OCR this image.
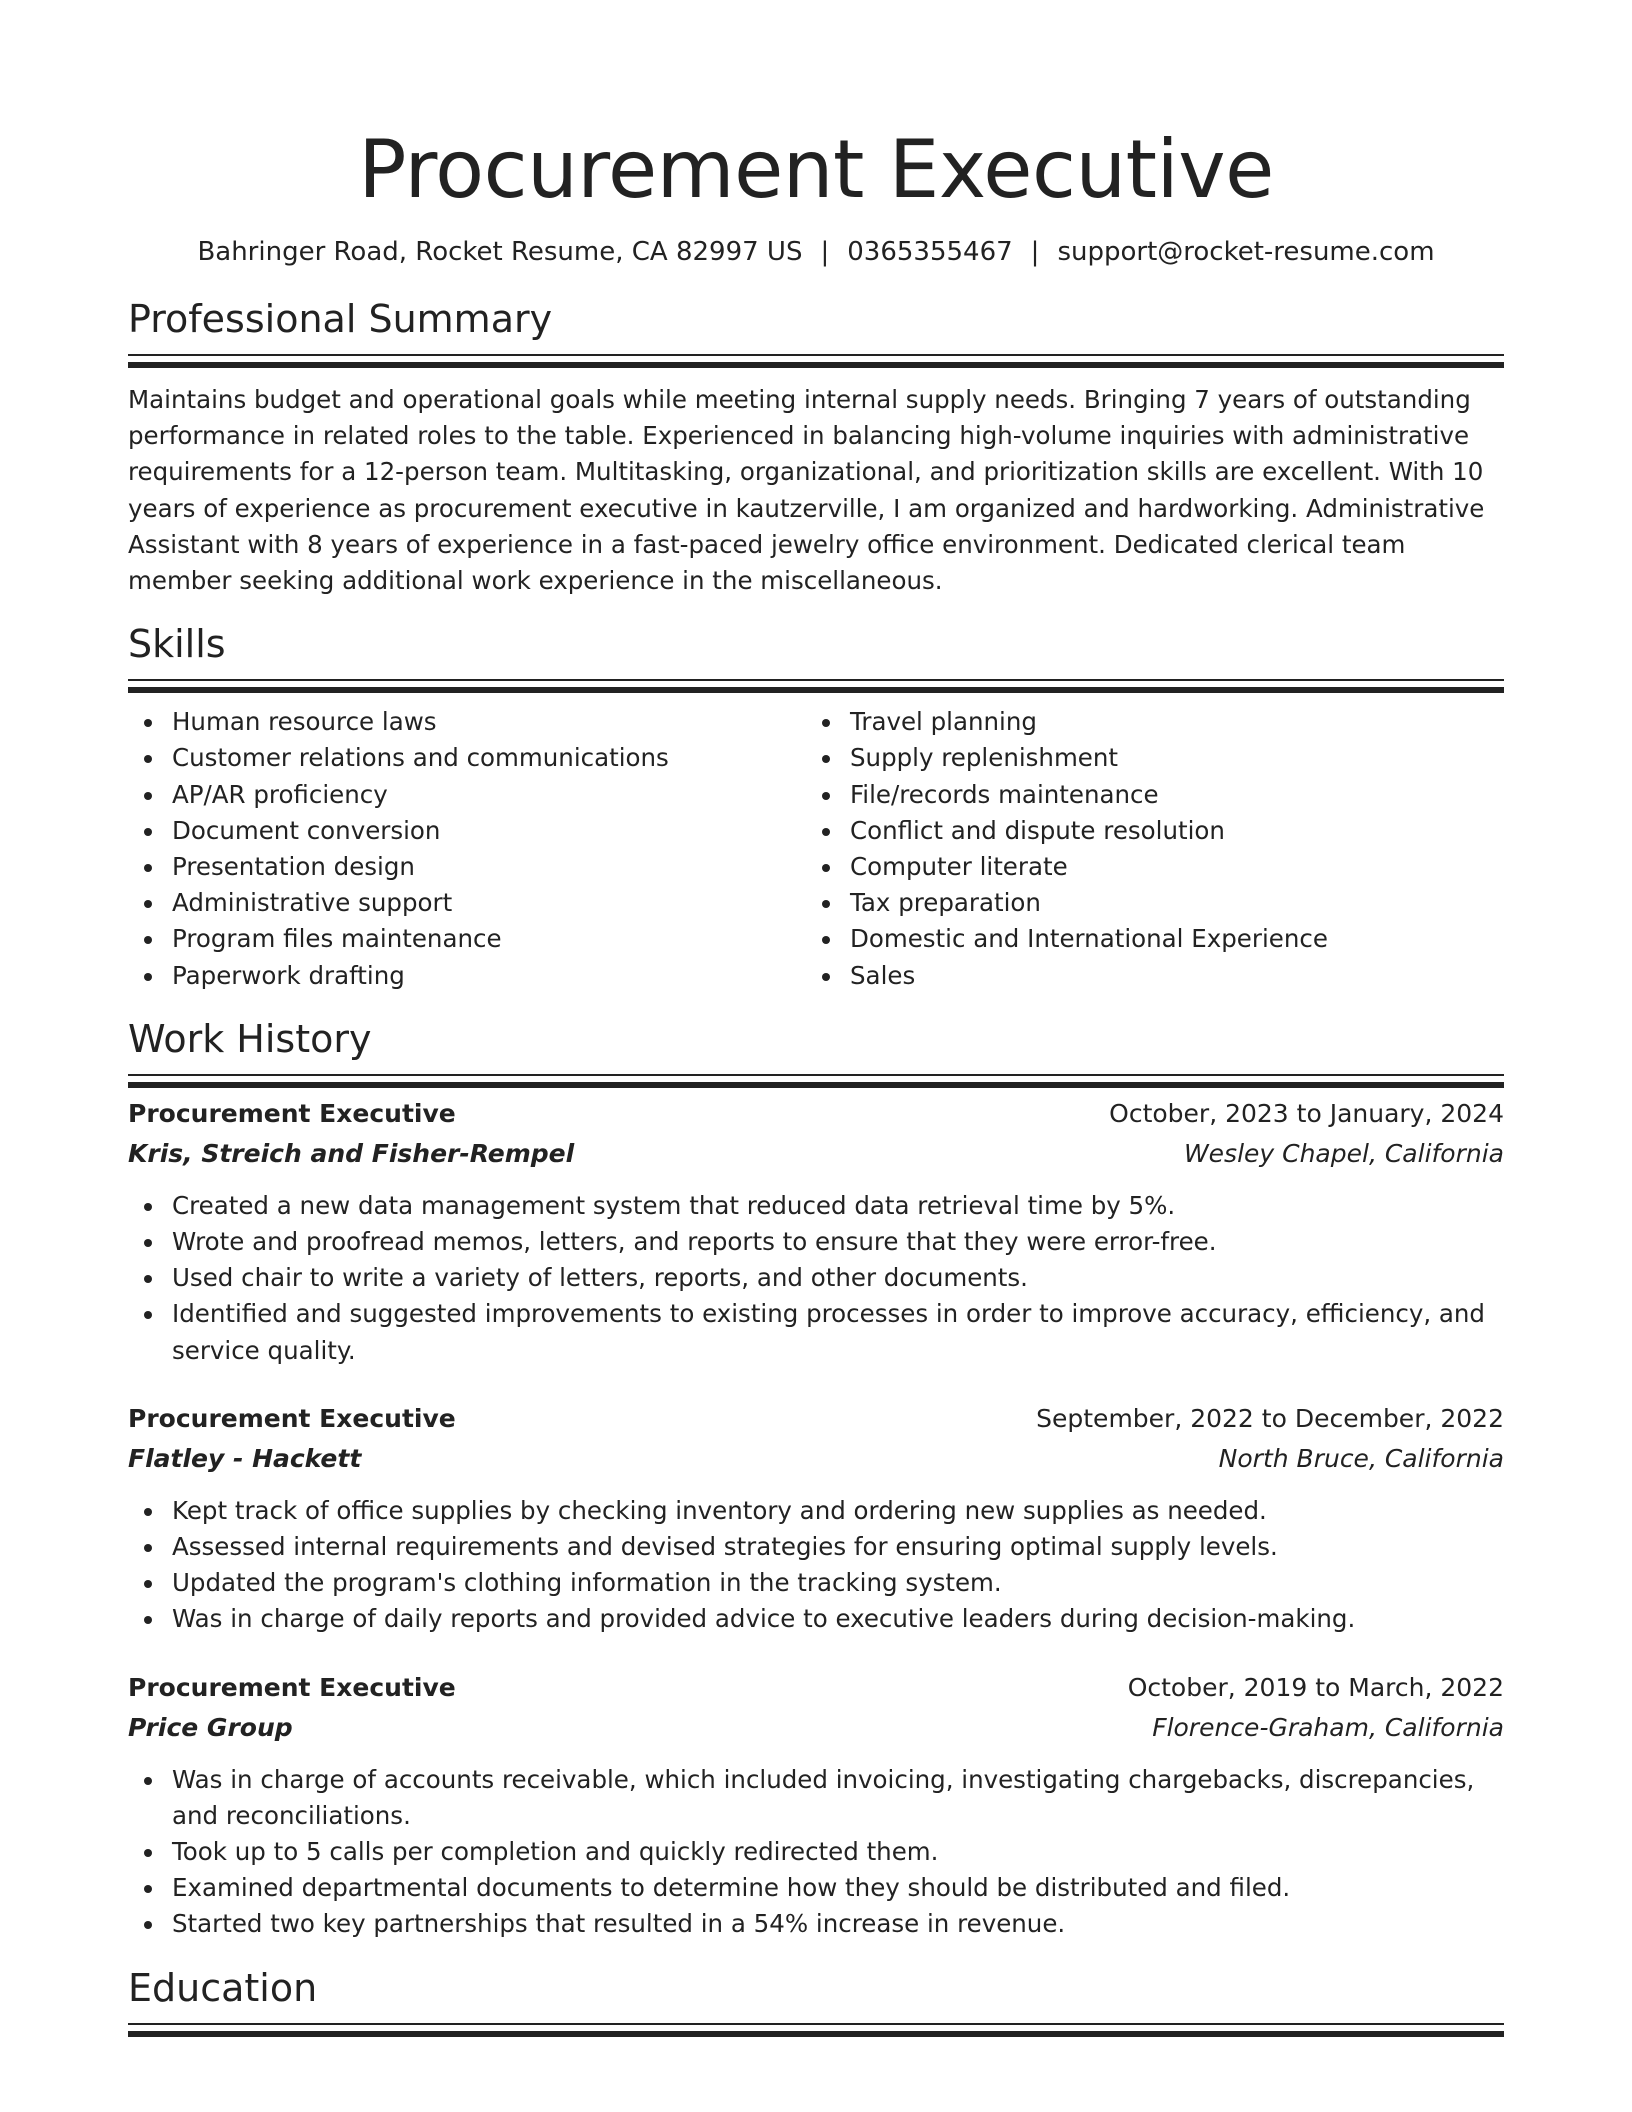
Procurement Executive
Bahringer Road, Rocket Resume, CA 82997 US | 0365355467 | support@rocket-resume.com
Professional Summary

Maintains budget and operational goals while meeting internal supply needs. Bringing 7 years of outstanding performance in related roles to the table. Experienced in balancing high-volume inquiries with administrative requirements for a 12-person team. Multitasking, organizational, and prioritization skills are excellent. With 10 years of experience as procurement executive in kautzerville, I am organized and hardworking. Administrative Assistant with 8 years of experience in a fast-paced jewelry office environment. Dedicated clerical team member seeking additional work experience in the miscellaneous.

Skills
Human resource laws
Customer relations and communications
AP/AR proficiency
Document conversion
Presentation design
Administrative support
Program files maintenance
Paperwork drafting
Travel planning
Supply replenishment
File/records maintenance
Conflict and dispute resolution
Computer literate
Tax preparation
Domestic and International Experience
Sales
Work History
Procurement Executive	October, 2023 to January, 2024
Kris, Streich and Fisher-Rempel	Wesley Chapel, California
Created a new data management system that reduced data retrieval time by 5%.
Wrote and proofread memos, letters, and reports to ensure that they were error-free.
Used chair to write a variety of letters, reports, and other documents.
Identified and suggested improvements to existing processes in order to improve accuracy, efficiency, and service quality.
Procurement Executive	September, 2022 to December, 2022
Flatley - Hackett	North Bruce, California
Kept track of office supplies by checking inventory and ordering new supplies as needed.
Assessed internal requirements and devised strategies for ensuring optimal supply levels.
Updated the program's clothing information in the tracking system.
Was in charge of daily reports and provided advice to executive leaders during decision-making.
Procurement Executive	October, 2019 to March, 2022
Price Group	Florence-Graham, California
Was in charge of accounts receivable, which included invoicing, investigating chargebacks, discrepancies, and reconciliations.
Took up to 5 calls per completion and quickly redirected them.
Examined departmental documents to determine how they should be distributed and filed.
Started two key partnerships that resulted in a 54% increase in revenue.
Education
